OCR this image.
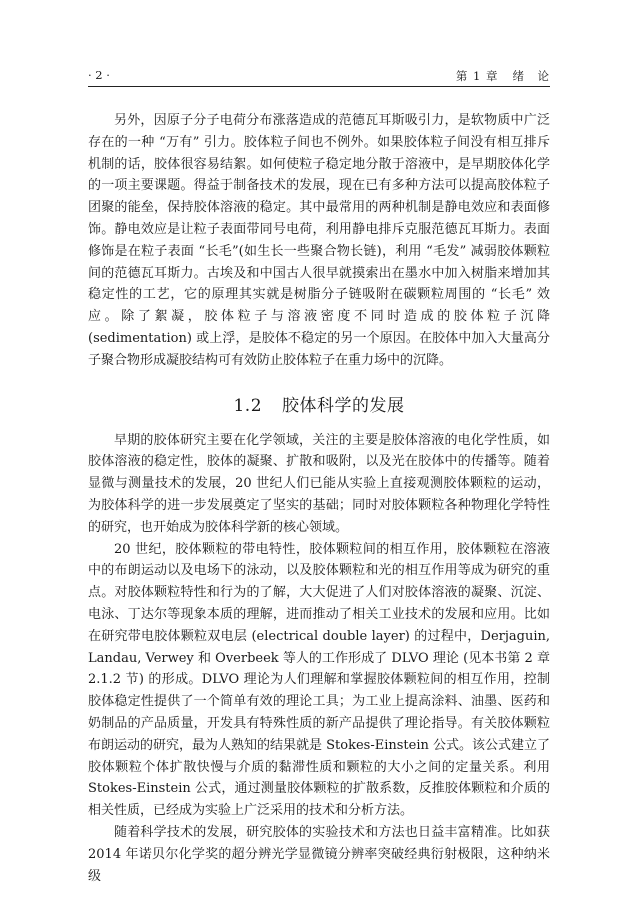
· 2 ·	第 1 章 绪　论

另外，因原子分子电荷分布涨落造成的范德瓦耳斯吸引力，是软物质中广泛存在的一种 “万有” 引力。胶体粒子间也不例外。如果胶体粒子间没有相互排斥机制的话，胶体很容易结絮。如何使粒子稳定地分散于溶液中，是早期胶体化学的一项主要课题。得益于制备技术的发展，现在已有多种方法可以提高胶体粒子团聚的能垒，保持胶体溶液的稳定。其中最常用的两种机制是静电效应和表面修饰。静电效应是让粒子表面带同号电荷，利用静电排斥克服范德瓦耳斯力。表面修饰是在粒子表面 “长毛”(如生长一些聚合物长链)，利用 “毛发” 减弱胶体颗粒间的范德瓦耳斯力。古埃及和中国古人很早就摸索出在墨水中加入树脂来增加其稳定性的工艺，它的原理其实就是树脂分子链吸附在碳颗粒周围的 “长毛” 效应。除了絮凝，胶体粒子与溶液密度不同时造成的胶体粒子沉降 (sedimentation) 或上浮，是胶体不稳定的另一个原因。在胶体中加入大量高分子聚合物形成凝胶结构可有效防止胶体粒子在重力场中的沉降。

1.2 胶体科学的发展

早期的胶体研究主要在化学领域，关注的主要是胶体溶液的电化学性质，如胶体溶液的稳定性，胶体的凝聚、扩散和吸附，以及光在胶体中的传播等。随着显微与测量技术的发展，20 世纪人们已能从实验上直接观测胶体颗粒的运动，为胶体科学的进一步发展奠定了坚实的基础；同时对胶体颗粒各种物理化学特性的研究，也开始成为胶体科学新的核心领域。

20 世纪，胶体颗粒的带电特性，胶体颗粒间的相互作用，胶体颗粒在溶液中的布朗运动以及电场下的泳动，以及胶体颗粒和光的相互作用等成为研究的重点。对胶体颗粒特性和行为的了解，大大促进了人们对胶体溶液的凝聚、沉淀、电泳、丁达尔等现象本质的理解，进而推动了相关工业技术的发展和应用。比如在研究带电胶体颗粒双电层 (electrical double layer) 的过程中，Derjaguin, Landau, Verwey 和 Overbeek 等人的工作形成了 DLVO 理论 (见本书第 2 章 2.1.2 节) 的形成。DLVO 理论为人们理解和掌握胶体颗粒间的相互作用，控制胶体稳定性提供了一个简单有效的理论工具；为工业上提高涂料、油墨、医药和奶制品的产品质量，开发具有特殊性质的新产品提供了理论指导。有关胶体颗粒布朗运动的研究，最为人熟知的结果就是 Stokes-Einstein 公式。该公式建立了胶体颗粒个体扩散快慢与介质的黏滞性质和颗粒的大小之间的定量关系。利用 Stokes-Einstein 公式，通过测量胶体颗粒的扩散系数，反推胶体颗粒和介质的相关性质，已经成为实验上广泛采用的技术和分析方法。

随着科学技术的发展，研究胶体的实验技术和方法也日益丰富精准。比如获 2014 年诺贝尔化学奖的超分辨光学显微镜分辨率突破经典衍射极限，这种纳米级
